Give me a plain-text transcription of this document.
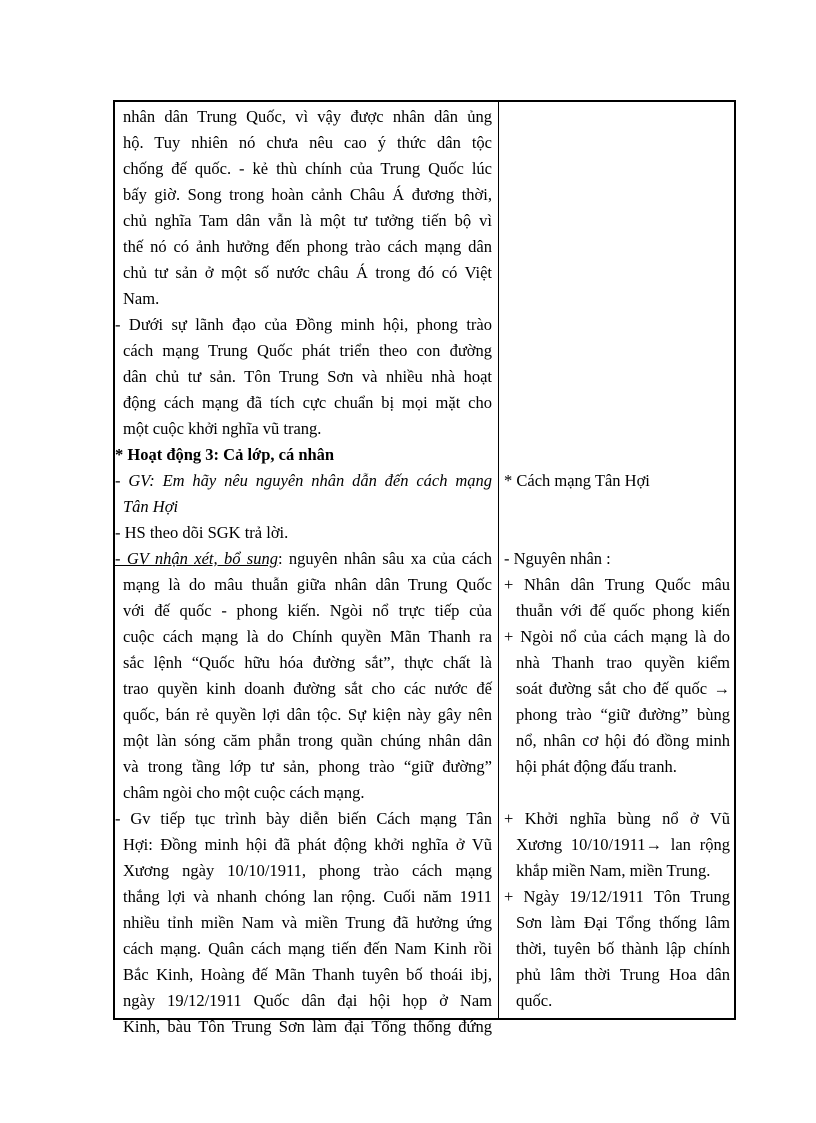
nhân dân Trung Quốc, vì vậy được nhân dân ủng
hộ. Tuy nhiên nó chưa nêu cao ý thức dân tộc
chống đế quốc. - kẻ thù chính của Trung Quốc lúc
bấy giờ. Song trong hoàn cảnh Châu Á đương thời,
chủ nghĩa Tam dân vẫn là một tư tưởng tiến bộ vì
thế nó có ảnh hưởng đến phong trào cách mạng dân
chủ tư sản ở một số nước châu Á trong đó có Việt
Nam.
- Dưới sự lãnh đạo của Đồng minh hội, phong trào
cách mạng Trung Quốc phát triển theo con đường
dân chủ tư sản. Tôn Trung Sơn và nhiều nhà hoạt
động cách mạng đã tích cực chuẩn bị mọi mặt cho
một cuộc khởi nghĩa vũ trang.
* Hoạt động 3: Cả lớp, cá nhân
- GV: Em hãy nêu nguyên nhân dẫn đến cách mạng
Tân Hợi
- HS theo dõi SGK trả lời.
- GV nhận xét, bổ sung: nguyên nhân sâu xa của cách
mạng là do mâu thuẫn giữa nhân dân Trung Quốc
với đế quốc - phong kiến. Ngòi nổ trực tiếp của
cuộc cách mạng là do Chính quyền Mãn Thanh ra
sắc lệnh “Quốc hữu hóa đường sắt”, thực chất là
trao quyền kinh doanh đường sắt cho các nước đế
quốc, bán rẻ quyền lợi dân tộc. Sự kiện này gây nên
một làn sóng căm phẫn trong quần chúng nhân dân
và trong tầng lớp tư sản, phong trào “giữ đường”
châm ngòi cho một cuộc cách mạng.
- Gv tiếp tục trình bày diễn biến Cách mạng Tân
Hợi: Đồng minh hội đã phát động khởi nghĩa ở Vũ
Xương ngày 10/10/1911, phong trào cách mạng
thắng lợi và nhanh chóng lan rộng. Cuối năm 1911
nhiều tỉnh miền Nam và miền Trung đã hưởng ứng
cách mạng. Quân cách mạng tiến đến Nam Kinh rồi
Bắc Kinh, Hoàng đế Mãn Thanh tuyên bố thoái ibj,
ngày 19/12/1911 Quốc dân đại hội họp ở Nam
Kinh, bàu Tôn Trung Sơn làm đại Tổng thống đứng
* Cách mạng Tân Hợi
- Nguyên nhân :
+ Nhân dân Trung Quốc mâu
thuẫn với đế quốc phong kiến
+ Ngòi nổ của cách mạng là do
nhà Thanh trao quyền kiểm
soát đường sắt cho đế quốc →
phong trào “giữ đường” bùng
nổ, nhân cơ hội đó đồng minh
hội phát động đấu tranh.
+ Khởi nghĩa bùng nổ ở Vũ
Xương 10/10/1911→ lan rộng
khắp miền Nam, miền Trung.
+ Ngày 19/12/1911 Tôn Trung
Sơn làm Đại Tổng thống lâm
thời, tuyên bố thành lập chính
phủ lâm thời Trung Hoa dân
quốc.
